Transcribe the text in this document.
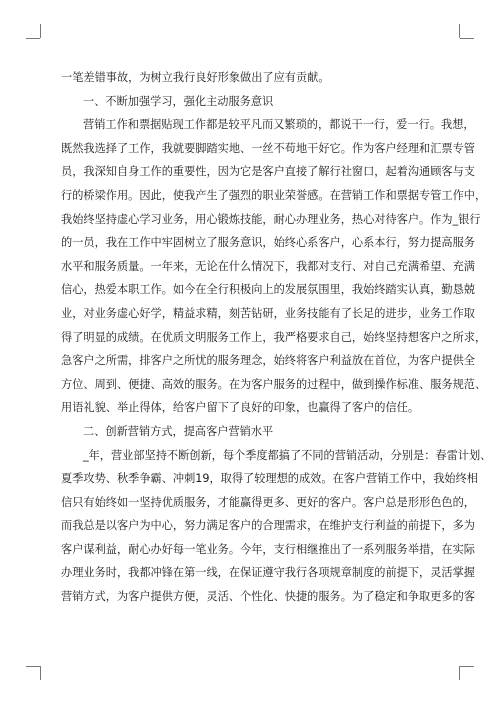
一笔差错事故，为树立我行良好形象做出了应有贡献。
一、不断加强学习，强化主动服务意识
营销工作和票据贴现工作都是较平凡而又繁琐的，都说干一行，爱一行。我想，
既然我选择了工作，我就要脚踏实地、一丝不苟地干好它。作为客户经理和汇票专管
员，我深知自身工作的重要性，因为它是客户直接了解行社窗口，起着沟通顾客与支
行的桥梁作用。因此，使我产生了强烈的职业荣誉感。在营销工作和票据专管工作中，
我始终坚持虚心学习业务，用心锻炼技能，耐心办理业务，热心对待客户。作为_银行
的一员，我在工作中牢固树立了服务意识，始终心系客户，心系本行，努力提高服务
水平和服务质量。一年来，无论在什么情况下，我都对支行、对自己充满希望、充满
信心，热爱本职工作。如今在全行积极向上的发展氛围里，我始终踏实认真，勤恳兢
业，对业务虚心好学，精益求精，刻苦钻研，业务技能有了长足的进步，业务工作取
得了明显的成绩。在优质文明服务工作上，我严格要求自己，始终坚持想客户之所求，
急客户之所需，排客户之所忧的服务理念，始终将客户利益放在首位，为客户提供全
方位、周到、便捷、高效的服务。在为客户服务的过程中，做到操作标准、服务规范、
用语礼貌、举止得体，给客户留下了良好的印象，也赢得了客户的信任。
二、创新营销方式，提高客户营销水平
_年，营业部坚持不断创新，每个季度都搞了不同的营销活动，分别是：春雷计划、
夏季攻势、秋季争霸、冲刺19，取得了较理想的成效。在客户营销工作中，我始终相
信只有始终如一坚持优质服务，才能赢得更多、更好的客户。客户总是形形色色的，
而我总是以客户为中心，努力满足客户的合理需求，在维护支行利益的前提下，多为
客户谋利益，耐心办好每一笔业务。今年，支行相继推出了一系列服务举措，在实际
办理业务时，我都冲锋在第一线，在保证遵守我行各项规章制度的前提下，灵活掌握
营销方式，为客户提供方便，灵活、个性化、快捷的服务。为了稳定和争取更多的客
